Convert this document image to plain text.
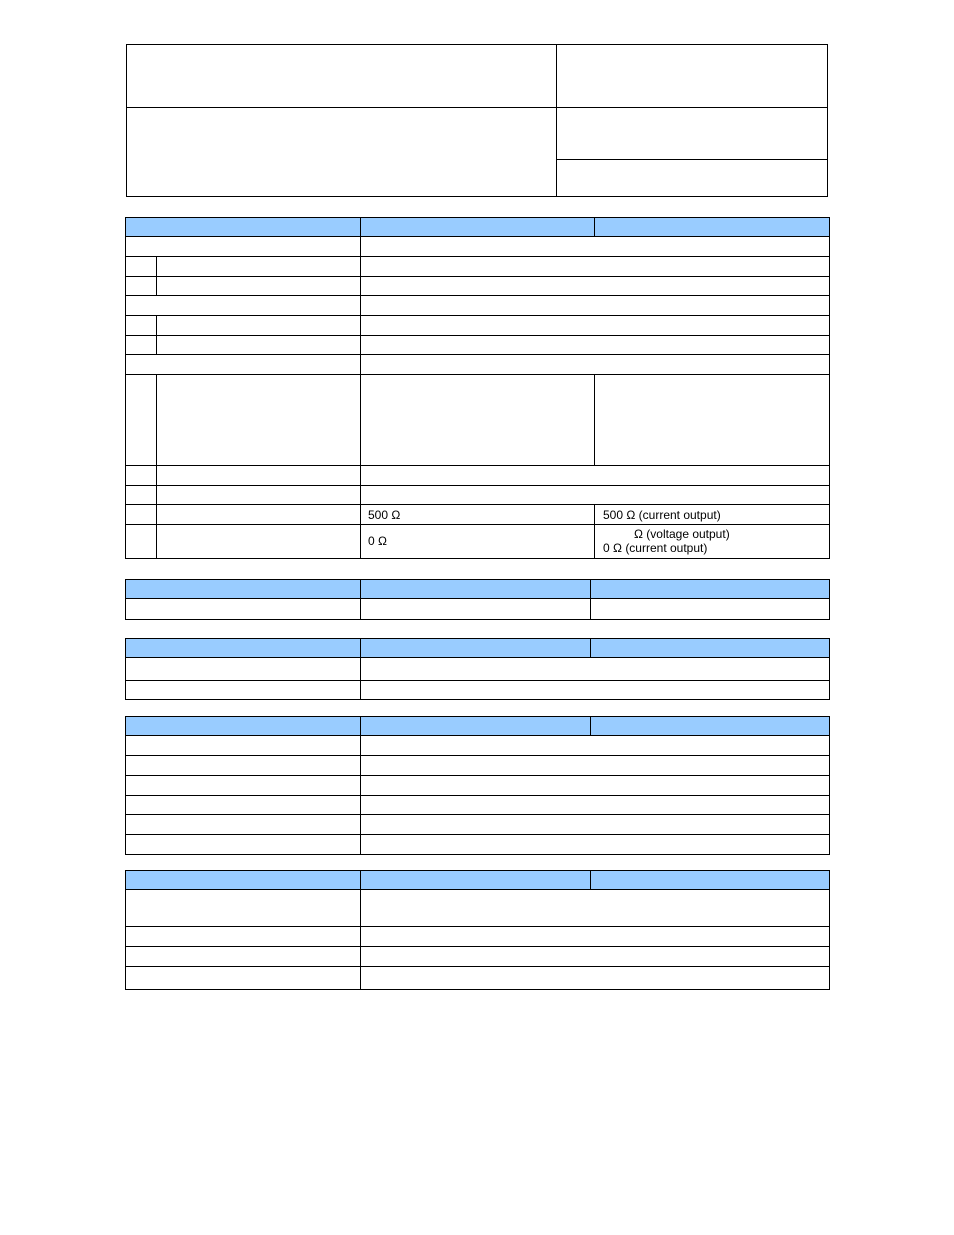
500 Ω	500 Ω (current output)
0 Ω	Ω (voltage output)
0 Ω (current output)
